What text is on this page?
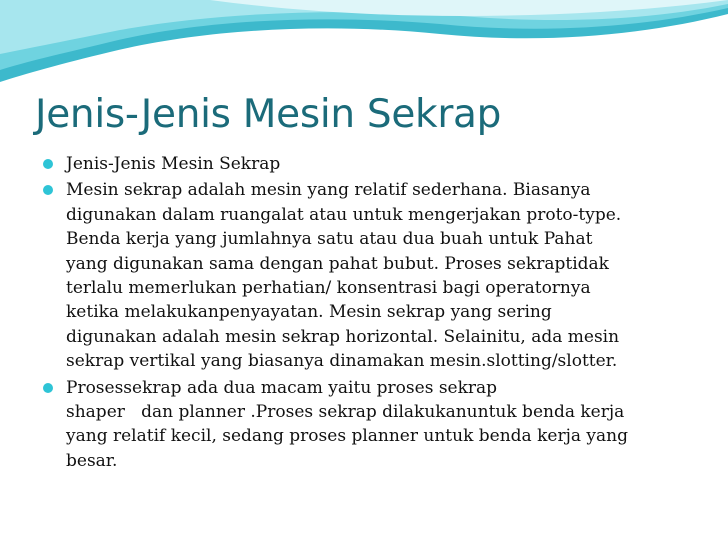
Jenis-Jenis Mesin Sekrap
Jenis-Jenis Mesin Sekrap
Mesin sekrap adalah mesin yang relatif sederhana. Biasanya
digunakan dalam ruangalat atau untuk mengerjakan proto-type.
Benda kerja yang jumlahnya satu atau dua buah untuk Pahat
yang digunakan sama dengan pahat bubut. Proses sekraptidak
terlalu memerlukan perhatian/ konsentrasi bagi operatornya
ketika melakukanpenyayatan. Mesin sekrap yang sering
digunakan adalah mesin sekrap horizontal. Selainitu, ada mesin
sekrap vertikal yang biasanya dinamakan mesin.slotting/slotter.
Prosessekrap ada dua macam yaitu proses sekrap
shaper   dan planner .Proses sekrap dilakukanuntuk benda kerja
yang relatif kecil, sedang proses planner untuk benda kerja yang
besar.
